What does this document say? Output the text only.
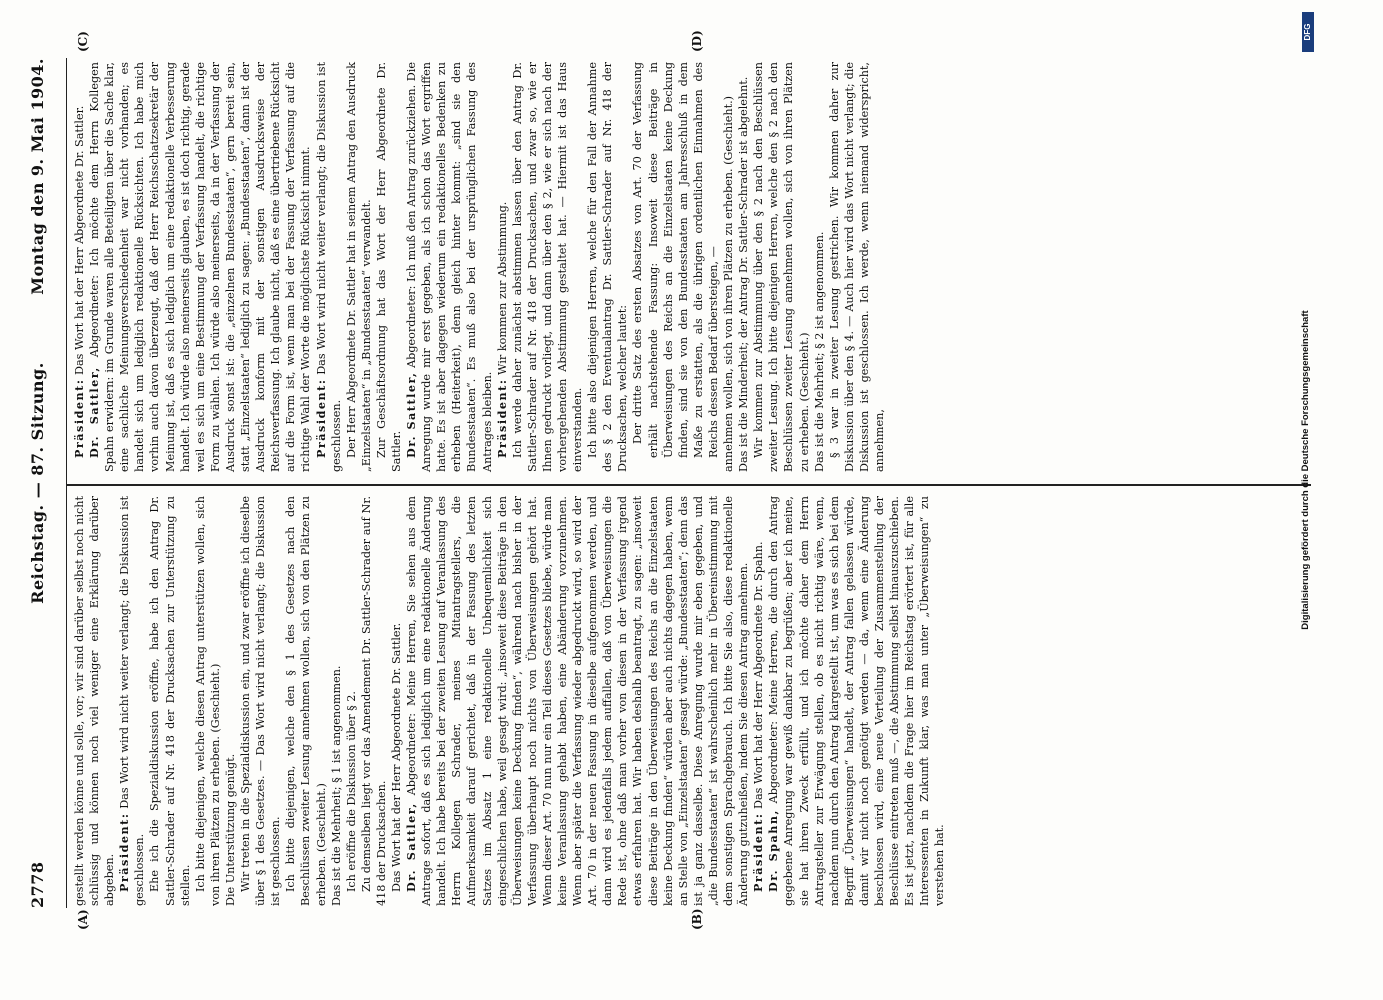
2778
Reichstag. — 87. Sitzung.
Montag den 9. Mai 1904.
(A)	(B)
(C)	(D)

gestellt werden könne und solle, vor; wir sind darüber selbst noch nicht schlüssig und können noch viel weniger eine Erklärung darüber abgeben. Präsident: Das Wort wird nicht weiter verlangt; die Diskussion ist geschlossen. Ehe ich die Spezialdiskussion eröffne, habe ich den Antrag Dr. Sattler-Schrader auf Nr. 418 der Drucksachen zur Unterstützung zu stellen. Ich bitte diejenigen, welche diesen Antrag unterstützen wollen, sich von ihren Plätzen zu erheben. (Geschieht.) Die Unterstützung genügt. Wir treten in die Spezialdiskussion ein, und zwar eröffne ich dieselbe über § 1 des Gesetzes. — Das Wort wird nicht verlangt; die Diskussion ist geschlossen. Ich bitte diejenigen, welche den § 1 des Gesetzes nach den Beschlüssen zweiter Lesung annehmen wollen, sich von den Plätzen zu erheben. (Geschieht.) Das ist die Mehrheit; § 1 ist angenommen. Ich eröffne die Diskussion über § 2. Zu demselben liegt vor das Amendement Dr. Sattler-Schrader auf Nr. 418 der Drucksachen. Das Wort hat der Herr Abgeordnete Dr. Sattler. Dr. Sattler, Abgeordneter: Meine Herren, Sie sehen aus dem Antrage sofort, daß es sich lediglich um eine redaktionelle Änderung handelt. Ich habe bereits bei der zweiten Lesung auf Veranlassung des Herrn Kollegen Schrader, meines Mitantragstellers, die Aufmerksamkeit darauf gerichtet, daß in der Fassung des letzten Satzes im Absatz 1 eine redaktionelle Unbequemlichkeit sich eingeschlichen habe, weil gesagt wird: „insoweit diese Beiträge in den Überweisungen keine Deckung finden“, während nach bisher in der Verfassung überhaupt noch nichts von Überweisungen gehört hat. Wenn dieser Art. 70 nun nur ein Teil dieses Gesetzes bliebe, würde man keine Veranlassung gehabt haben, eine Abänderung vorzunehmen. Wenn aber später die Verfassung wieder abgedruckt wird, so wird der Art. 70 in der neuen Fassung in dieselbe aufgenommen werden, und dann wird es jedenfalls jedem auffallen, daß von Überweisungen die Rede ist, ohne daß man vorher von diesen in der Verfassung irgend etwas erfahren hat. Wir haben deshalb beantragt, zu sagen: „insoweit diese Beiträge in den Überweisungen des Reichs an die Einzelstaaten keine Deckung finden“ würden aber auch nichts dagegen haben, wenn an Stelle von „Einzelstaaten“ gesagt würde: „Bundesstaaten“; denn das ist ja ganz dasselbe. Diese Anregung wurde mir eben gegeben, und „die Bundesstaaten“ ist wahrscheinlich mehr in Übereinstimmung mit dem sonstigen Sprachgebrauch. Ich bitte Sie also, diese redaktionelle Änderung gutzuheißen, indem Sie diesen Antrag annehmen. Präsident: Das Wort hat der Herr Abgeordnete Dr. Spahn.

Dr. Spahn, Abgeordneter: Meine Herren, die durch den Antrag gegebene Anregung war gewiß dankbar zu begrüßen; aber ich meine, sie hat ihren Zweck erfüllt, und ich möchte daher dem Herrn Antragsteller zur Erwägung stellen, ob es nicht richtig wäre, wenn, nachdem nun durch den Antrag klargestellt ist, um was es sich bei dem Begriff „Überweisungen“ handelt, der Antrag fallen gelassen würde, damit wir nicht noch genötigt werden — da, wenn eine Änderung beschlossen wird, eine neue Verteilung der Zusammenstellung der Beschlüsse eintreten muß —, die Abstimmung selbst hinauszuschieben. Es ist jetzt, nachdem die Frage hier im Reichstag erörtert ist, für alle Interessenten in Zukunft klar, was man unter „Überweisungen“ zu verstehen hat.

Präsident: Das Wort hat der Herr Abgeordnete Dr. Sattler.

Dr. Sattler, Abgeordneter: Ich möchte dem Herrn Kollegen Spahn erwidern: im Grunde waren alle Beteiligten über die Sache klar, eine sachliche Meinungsverschiedenheit war nicht vorhanden; es handelt sich um lediglich redaktionelle Rücksichten. Ich habe mich vorhin auch davon überzeugt, daß der Herr Reichsschatzsekretär der Meinung ist, daß es sich lediglich um eine redaktionelle Verbesserung handelt. Ich würde also meinerseits glauben, es ist doch richtig, gerade weil es sich um eine Bestimmung der Verfassung handelt, die richtige Form zu wählen. Ich würde also meinerseits, da in der Verfassung der Ausdruck sonst ist: die „einzelnen Bundesstaaten“, gern bereit sein, statt „Einzelstaaten“ lediglich zu sagen: „Bundesstaaten“, dann ist der Ausdruck konform mit der sonstigen Ausdrucksweise der Reichsverfassung. Ich glaube nicht, daß es eine übertriebene Rücksicht auf die Form ist, wenn man bei der Fassung der Verfassung auf die richtige Wahl der Worte die möglichste Rücksicht nimmt. Präsident: Das Wort wird nicht weiter verlangt; die Diskussion ist geschlossen. Der Herr Abgeordnete Dr. Sattler hat in seinem Antrag den Ausdruck „Einzelstaaten“ in „Bundesstaaten“ verwandelt. Zur Geschäftsordnung hat das Wort der Herr Abgeordnete Dr. Sattler. Dr. Sattler, Abgeordneter: Ich muß den Antrag zurückziehen. Die Anregung wurde mir erst gegeben, als ich schon das Wort ergriffen hatte. Es ist aber dagegen wiederum ein redaktionelles Bedenken zu erheben (Heiterkeit), denn gleich hinter kommt: „sind sie den Bundesstaaten“. Es muß also bei der ursprünglichen Fassung des Antrages bleiben. Präsident: Wir kommen zur Abstimmung. Ich werde daher zunächst abstimmen lassen über den Antrag Dr. Sattler-Schrader auf Nr. 418 der Drucksachen, und zwar so, wie er Ihnen gedruckt vorliegt, und dann über den § 2, wie er sich nach der vorhergehenden Abstimmung gestaltet hat. — Hiermit ist das Haus einverstanden. Ich bitte also diejenigen Herren, welche für den Fall der Annahme des § 2 den Eventualantrag Dr. Sattler-Schrader auf Nr. 418 der Drucksachen, welcher lautet: Der dritte Satz des ersten Absatzes von Art. 70 der Verfassung erhält nachstehende Fassung: Insoweit diese Beiträge in Überweisungen des Reichs an die Einzelstaaten keine Deckung finden, sind sie von den Bundesstaaten am Jahresschluß in dem Maße zu erstatten, als die übrigen ordentlichen Einnahmen des Reichs dessen Bedarf übersteigen, — annehmen wollen, sich von ihren Plätzen zu erheben. (Geschieht.) Das ist die Minderheit; der Antrag Dr. Sattler-Schrader ist abgelehnt. Wir kommen zur Abstimmung über den § 2 nach den Beschlüssen zweiter Lesung. Ich bitte diejenigen Herren, welche den § 2 nach den Beschlüssen zweiter Lesung annehmen wollen, sich von ihren Plätzen zu erheben. (Geschieht.) Das ist die Mehrheit; § 2 ist angenommen. § 3 war in zweiter Lesung gestrichen. Wir kommen daher zur Diskussion über den § 4. — Auch hier wird das Wort nicht verlangt; die Diskussion ist geschlossen. Ich werde, wenn niemand widerspricht, annehmen,	Digitalisierung gefördert durch die Deutsche Forschungsgemeinschaft
DFG
